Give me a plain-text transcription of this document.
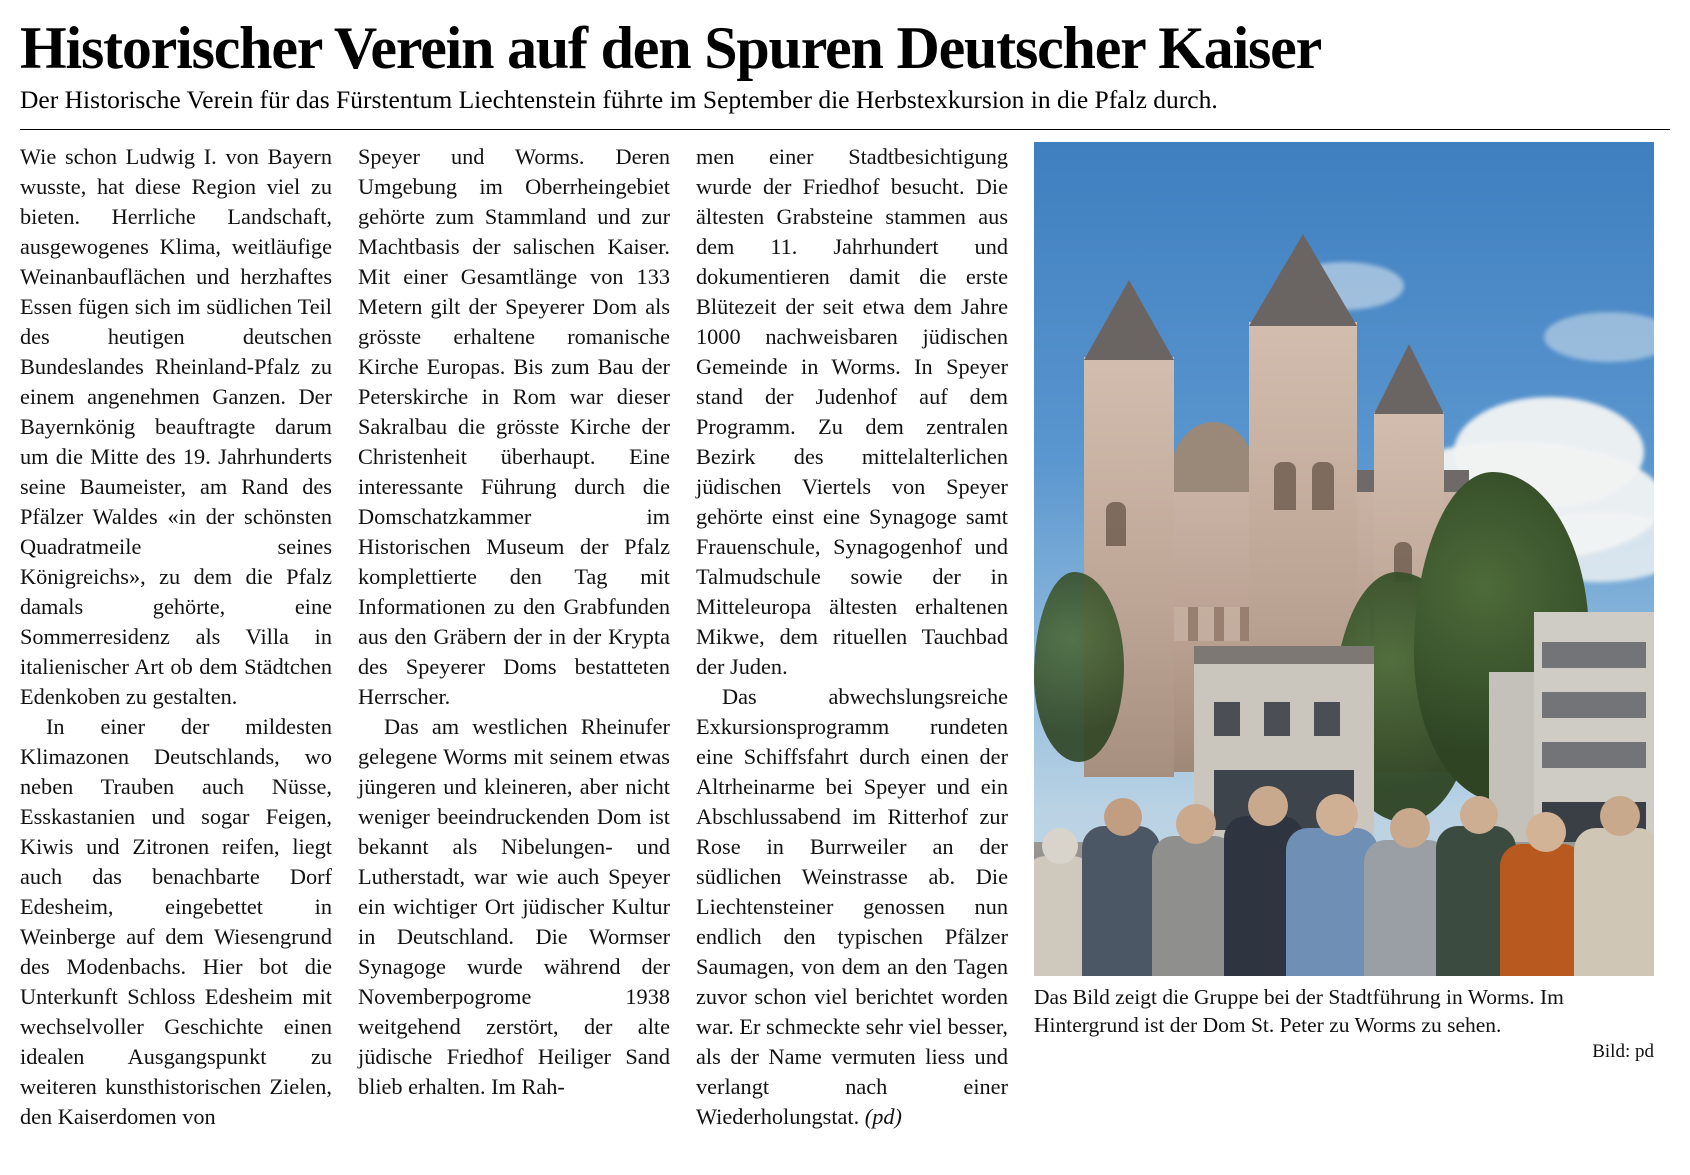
Historischer Verein auf den Spuren Deutscher Kaiser
Der Historische Verein für das Fürstentum Liechtenstein führte im September die Herbstexkursion in die Pfalz durch.

Wie schon Ludwig I. von Bayern wusste, hat diese Region viel zu bieten. Herrliche Landschaft, ausgewogenes Klima, weitläufige Weinanbauflächen und herzhaftes Essen fügen sich im südlichen Teil des heutigen deutschen Bundeslandes Rheinland-Pfalz zu einem angenehmen Ganzen. Der Bayernkönig beauftragte darum um die Mitte des 19. Jahrhunderts seine Baumeister, am Rand des Pfälzer Waldes «in der schönsten Quadratmeile seines Königreichs», zu dem die Pfalz damals gehörte, eine Sommerresidenz als Villa in italienischer Art ob dem Städtchen Edenkoben zu gestalten.

In einer der mildesten Klimazonen Deutschlands, wo neben Trauben auch Nüsse, Esskastanien und sogar Feigen, Kiwis und Zitronen reifen, liegt auch das benachbarte Dorf Edesheim, eingebettet in Weinberge auf dem Wiesengrund des Modenbachs. Hier bot die Unterkunft Schloss Edesheim mit wechselvoller Geschichte einen idealen Ausgangspunkt zu weiteren kunsthistorischen Zielen, den Kaiserdomen von

Speyer und Worms. Deren Umgebung im Oberrheingebiet gehörte zum Stammland und zur Machtbasis der salischen Kaiser. Mit einer Gesamtlänge von 133 Metern gilt der Speyerer Dom als grösste erhaltene romanische Kirche Europas. Bis zum Bau der Peterskirche in Rom war dieser Sakralbau die grösste Kirche der Christenheit überhaupt. Eine interessante Führung durch die Domschatzkammer im Historischen Museum der Pfalz komplettierte den Tag mit Informationen zu den Grabfunden aus den Gräbern der in der Krypta des Speyerer Doms bestatteten Herrscher.

Das am westlichen Rheinufer gelegene Worms mit seinem etwas jüngeren und kleineren, aber nicht weniger beeindruckenden Dom ist bekannt als Nibelungen- und Lutherstadt, war wie auch Speyer ein wichtiger Ort jüdischer Kultur in Deutschland. Die Wormser Synagoge wurde während der Novemberpogrome 1938 weitgehend zerstört, der alte jüdische Friedhof Heiliger Sand blieb erhalten. Im Rah-

men einer Stadtbesichtigung wurde der Friedhof besucht. Die ältesten Grabsteine stammen aus dem 11. Jahrhundert und dokumentieren damit die erste Blütezeit der seit etwa dem Jahre 1000 nachweisbaren jüdischen Gemeinde in Worms. In Speyer stand der Judenhof auf dem Programm. Zu dem zentralen Bezirk des mittelalterlichen jüdischen Viertels von Speyer gehörte einst eine Synagoge samt Frauenschule, Synagogenhof und Talmudschule sowie der in Mitteleuropa ältesten erhaltenen Mikwe, dem rituellen Tauchbad der Juden.

Das abwechslungsreiche Exkursionsprogramm rundeten eine Schiffsfahrt durch einen der Altrheinarme bei Speyer und ein Abschlussabend im Ritterhof zur Rose in Burrweiler an der südlichen Weinstrasse ab. Die Liechtensteiner genossen nun endlich den typischen Pfälzer Saumagen, von dem an den Tagen zuvor schon viel berichtet worden war. Er schmeckte sehr viel besser, als der Name vermuten liess und verlangt nach einer Wiederholungstat. (pd)

Das Bild zeigt die Gruppe bei der Stadtführung in Worms. Im Hintergrund ist der Dom St. Peter zu Worms zu sehen.
Bild: pd
